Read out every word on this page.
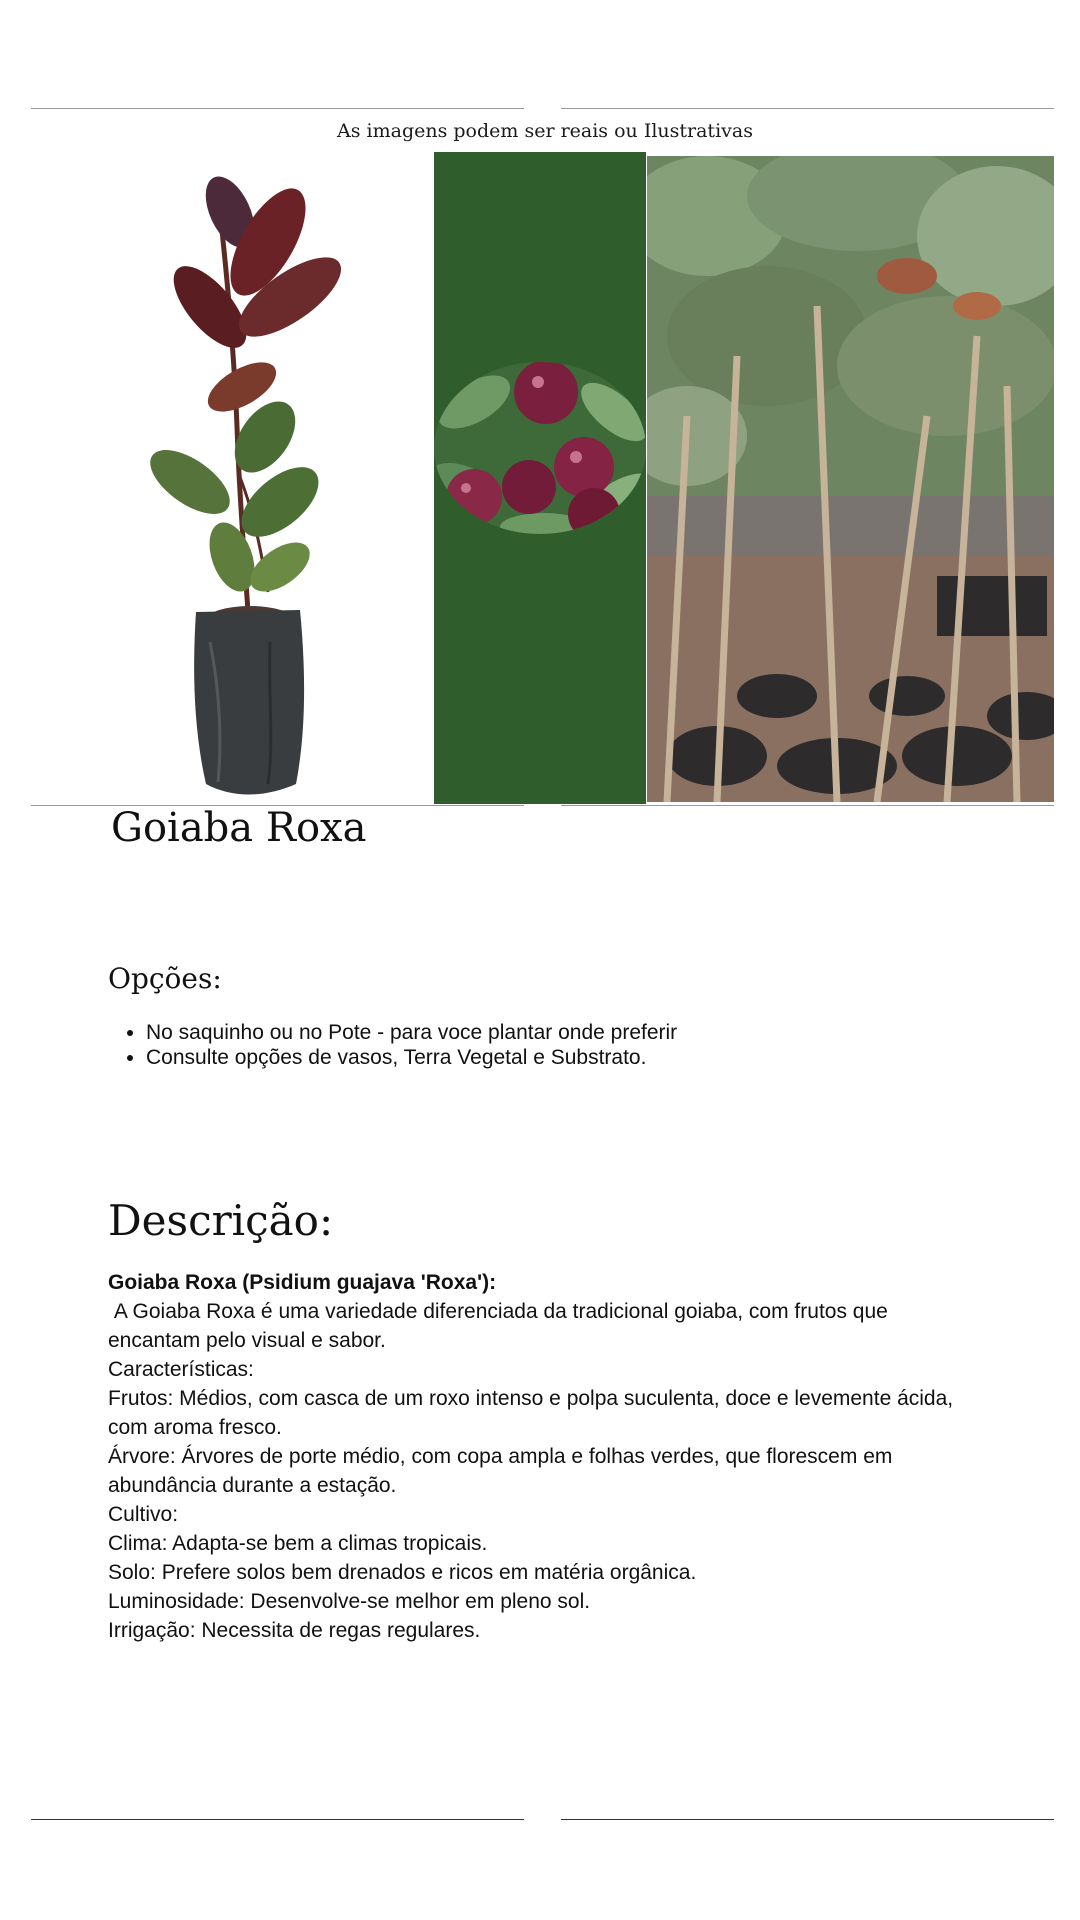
As imagens podem ser reais ou Ilustrativas
Goiaba Roxa
Opções:
• No saquinho ou no Pote - para voce plantar onde preferir
• Consulte opções de vasos, Terra Vegetal e Substrato.
Descrição:

Goiaba Roxa (Psidium guajava 'Roxa'):

A Goiaba Roxa é uma variedade diferenciada da tradicional goiaba, com frutos que encantam pelo visual e sabor.

Características:

Frutos: Médios, com casca de um roxo intenso e polpa suculenta, doce e levemente ácida, com aroma fresco.

Árvore: Árvores de porte médio, com copa ampla e folhas verdes, que florescem em abundância durante a estação.

Cultivo:

Clima: Adapta-se bem a climas tropicais.

Solo: Prefere solos bem drenados e ricos em matéria orgânica.

Luminosidade: Desenvolve-se melhor em pleno sol.

Irrigação: Necessita de regas regulares.
